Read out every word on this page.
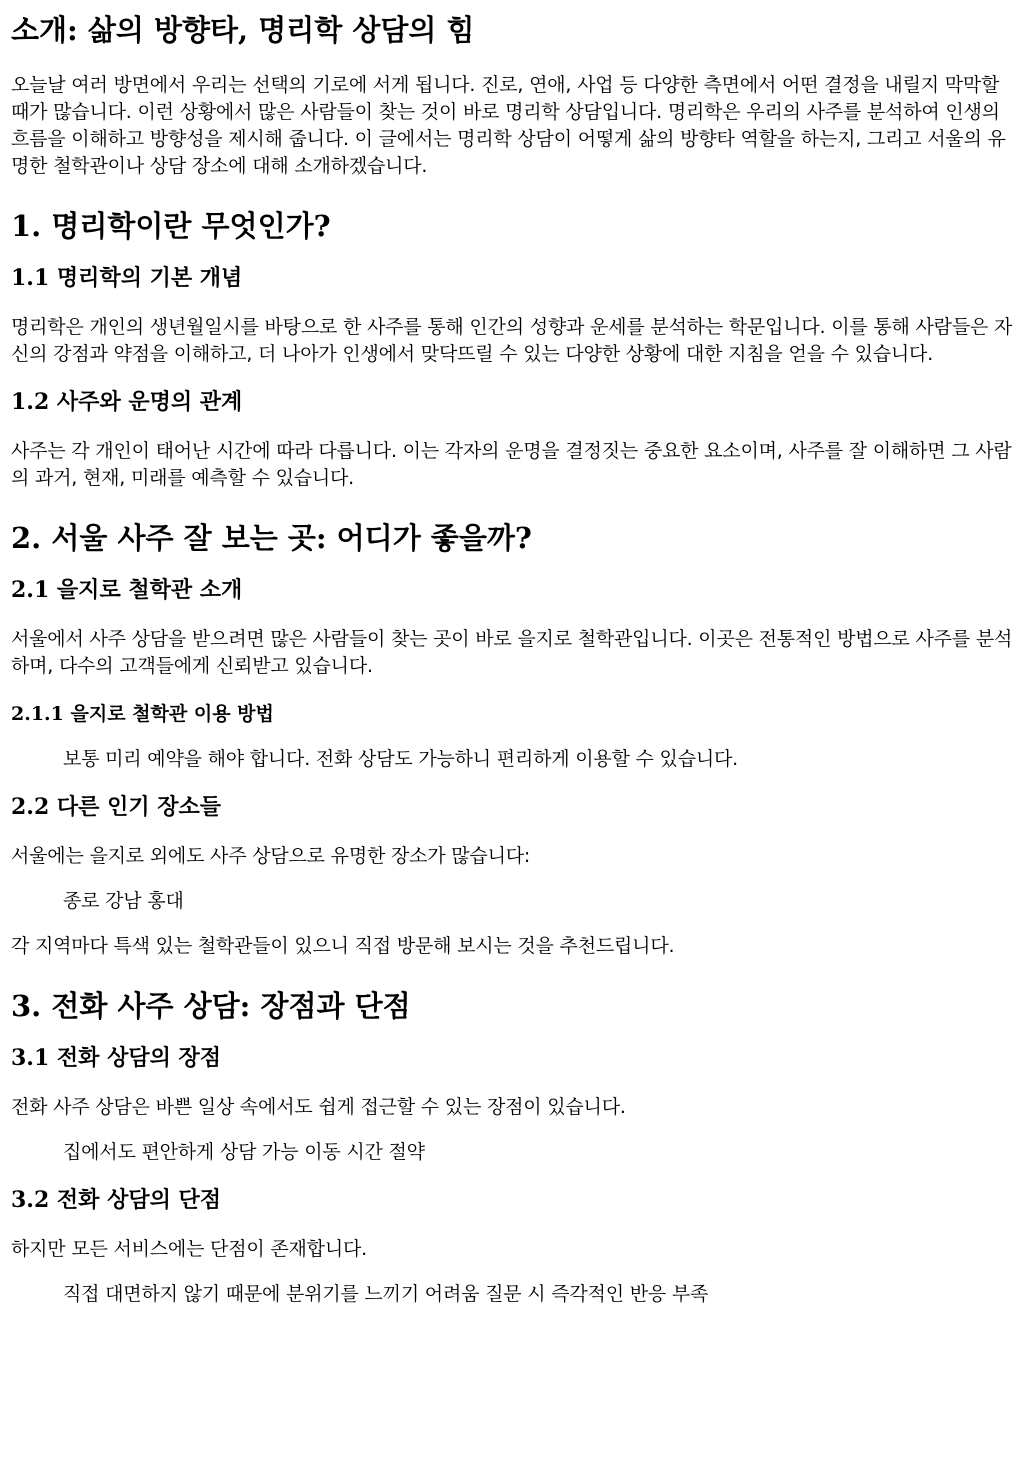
소개: 삶의 방향타, 명리학 상담의 힘

오늘날 여러 방면에서 우리는 선택의 기로에 서게 됩니다. 진로, 연애, 사업 등 다양한 측면에서 어떤 결정을 내릴지 막막할 때가 많습니다. 이런 상황에서 많은 사람들이 찾는 것이 바로 명리학 상담입니다. 명리학은 우리의 사주를 분석하여 인생의 흐름을 이해하고 방향성을 제시해 줍니다. 이 글에서는 명리학 상담이 어떻게 삶의 방향타 역할을 하는지, 그리고 서울의 유명한 철학관이나 상담 장소에 대해 소개하겠습니다.

1. 명리학이란 무엇인가?
1.1 명리학의 기본 개념

명리학은 개인의 생년월일시를 바탕으로 한 사주를 통해 인간의 성향과 운세를 분석하는 학문입니다. 이를 통해 사람들은 자신의 강점과 약점을 이해하고, 더 나아가 인생에서 맞닥뜨릴 수 있는 다양한 상황에 대한 지침을 얻을 수 있습니다.

1.2 사주와 운명의 관계

사주는 각 개인이 태어난 시간에 따라 다릅니다. 이는 각자의 운명을 결정짓는 중요한 요소이며, 사주를 잘 이해하면 그 사람의 과거, 현재, 미래를 예측할 수 있습니다.

2. 서울 사주 잘 보는 곳: 어디가 좋을까?
2.1 을지로 철학관 소개

서울에서 사주 상담을 받으려면 많은 사람들이 찾는 곳이 바로 을지로 철학관입니다. 이곳은 전통적인 방법으로 사주를 분석하며, 다수의 고객들에게 신뢰받고 있습니다.

2.1.1 을지로 철학관 이용 방법
보통 미리 예약을 해야 합니다. 전화 상담도 가능하니 편리하게 이용할 수 있습니다.
2.2 다른 인기 장소들

서울에는 을지로 외에도 사주 상담으로 유명한 장소가 많습니다:

종로 강남 홍대

각 지역마다 특색 있는 철학관들이 있으니 직접 방문해 보시는 것을 추천드립니다.

3. 전화 사주 상담: 장점과 단점
3.1 전화 상담의 장점

전화 사주 상담은 바쁜 일상 속에서도 쉽게 접근할 수 있는 장점이 있습니다.

집에서도 편안하게 상담 가능 이동 시간 절약
3.2 전화 상담의 단점

하지만 모든 서비스에는 단점이 존재합니다.

직접 대면하지 않기 때문에 분위기를 느끼기 어려움 질문 시 즉각적인 반응 부족
